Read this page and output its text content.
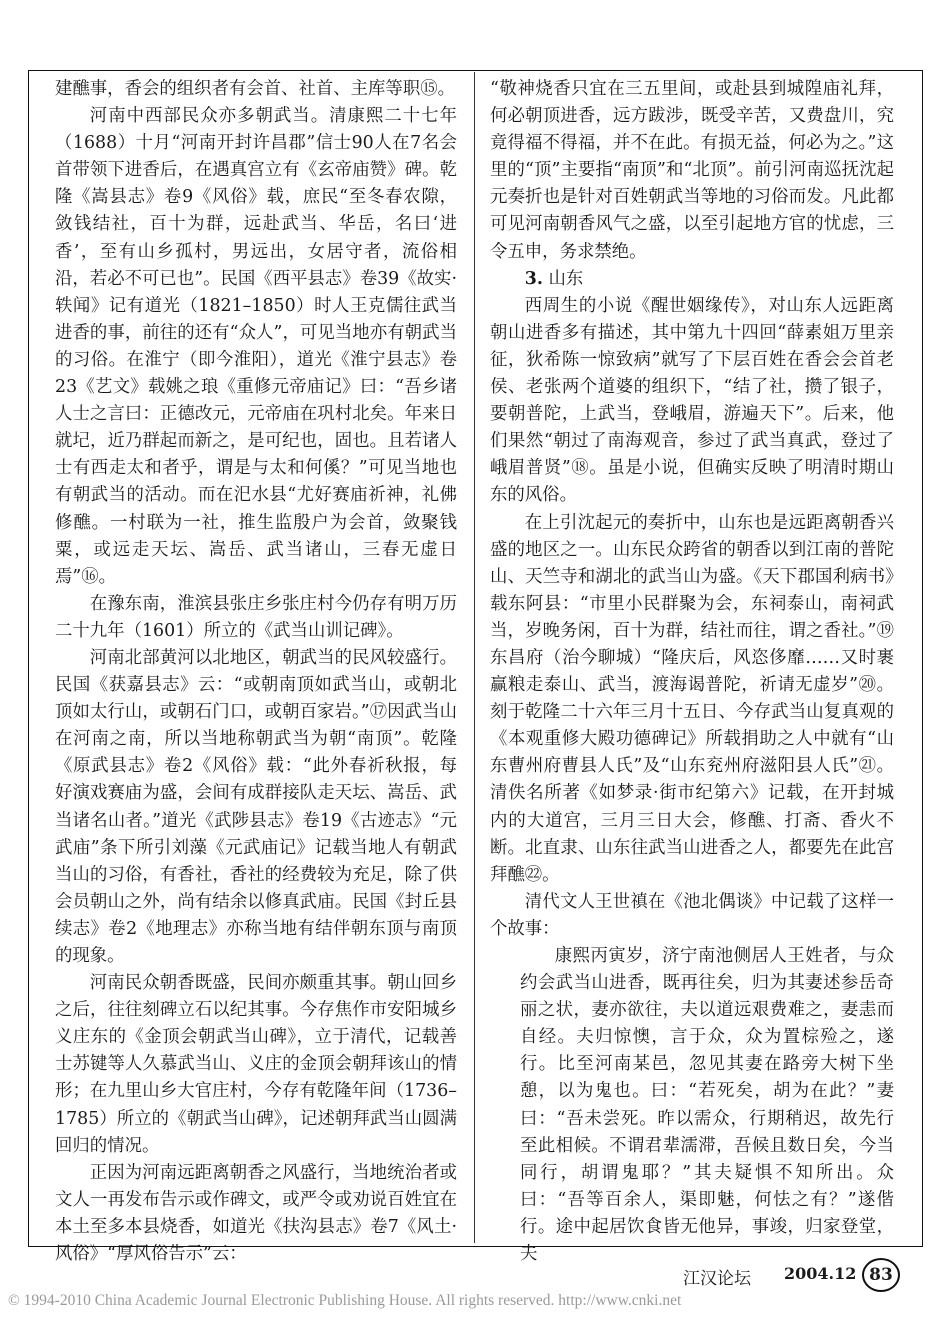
建醮事，香会的组织者有会首、社首、主库等职⑮。

河南中西部民众亦多朝武当。清康熙二十七年（1688）十月“河南开封许昌郡”信士90人在7名会首带领下进香后，在遇真宫立有《玄帝庙赞》碑。乾隆《嵩县志》卷9《风俗》载，庶民“至冬春农隙，敛钱结社，百十为群，远赴武当、华岳，名曰‘进香’，至有山乡孤村，男远出，女居守者，流俗相沿，若必不可已也”。民国《西平县志》卷39《故实·轶闻》记有道光（1821–1850）时人王克儒往武当进香的事，前往的还有“众人”，可见当地亦有朝武当的习俗。在淮宁（即今淮阳），道光《淮宁县志》卷23《艺文》载姚之琅《重修元帝庙记》曰：“吾乡诸人士之言曰：正德改元，元帝庙在巩村北矣。年来日就圮，近乃群起而新之，是可纪也，固也。且若诸人士有西走太和者乎，谓是与太和何傒？”可见当地也有朝武当的活动。而在汜水县“尤好赛庙祈神，礼佛修醮。一村联为一社，推生监殷户为会首，敛聚钱粟，或远走天坛、嵩岳、武当诸山，三春无虚日焉”⑯。

在豫东南，淮滨县张庄乡张庄村今仍存有明万历二十九年（1601）所立的《武当山训记碑》。

河南北部黄河以北地区，朝武当的民风较盛行。民国《获嘉县志》云：“或朝南顶如武当山，或朝北顶如太行山，或朝石门口，或朝百家岩。”⑰因武当山在河南之南，所以当地称朝武当为朝“南顶”。乾隆《原武县志》卷2《风俗》载：“此外春祈秋报，每好演戏赛庙为盛，会间有成群接队走天坛、嵩岳、武当诸名山者。”道光《武陟县志》卷19《古迹志》“元武庙”条下所引刘藻《元武庙记》记载当地人有朝武当山的习俗，有香社，香社的经费较为充足，除了供会员朝山之外，尚有结余以修真武庙。民国《封丘县续志》卷2《地理志》亦称当地有结伴朝东顶与南顶的现象。

河南民众朝香既盛，民间亦颇重其事。朝山回乡之后，往往刻碑立石以纪其事。今存焦作市安阳城乡义庄东的《金顶会朝武当山碑》，立于清代，记载善士苏键等人久慕武当山、义庄的金顶会朝拜该山的情形；在九里山乡大官庄村，今存有乾隆年间（1736–1785）所立的《朝武当山碑》，记述朝拜武当山圆满回归的情况。

正因为河南远距离朝香之风盛行，当地统治者或文人一再发布告示或作碑文，或严令或劝说百姓宜在本土至多本县烧香，如道光《扶沟县志》卷7《风土·风俗》“厚风俗告示”云：

“敬神烧香只宜在三五里间，或赴县到城隍庙礼拜，何必朝顶进香，远方跋涉，既受辛苦，又费盘川，究竟得福不得福，并不在此。有损无益，何必为之。”这里的“顶”主要指“南顶”和“北顶”。前引河南巡抚沈起元奏折也是针对百姓朝武当等地的习俗而发。凡此都可见河南朝香风气之盛，以至引起地方官的忧虑，三令五申，务求禁绝。

3. 山东

西周生的小说《醒世姻缘传》，对山东人远距离朝山进香多有描述，其中第九十四回“薛素姐万里亲征，狄希陈一惊致病”就写了下层百姓在香会会首老侯、老张两个道婆的组织下，“结了社，攒了银子，要朝普陀，上武当，登峨眉，游遍天下”。后来，他们果然“朝过了南海观音，参过了武当真武，登过了峨眉普贤”⑱。虽是小说，但确实反映了明清时期山东的风俗。

在上引沈起元的奏折中，山东也是远距离朝香兴盛的地区之一。山东民众跨省的朝香以到江南的普陀山、天竺寺和湖北的武当山为盛。《天下郡国利病书》载东阿县：“市里小民群聚为会，东祠泰山，南祠武当，岁晚务闲，百十为群，结社而往，谓之香社。”⑲东昌府（治今聊城）“隆庆后，风恣侈靡……又时裹赢粮走泰山、武当，渡海谒普陀，祈请无虚岁”⑳。刻于乾隆二十六年三月十五日、今存武当山复真观的《本观重修大殿功德碑记》所载捐助之人中就有“山东曹州府曹县人氏”及“山东兖州府滋阳县人氏”㉑。清佚名所著《如梦录·街市纪第六》记载，在开封城内的大道宫，三月三日大会，修醮、打斋、香火不断。北直隶、山东往武当山进香之人，都要先在此宫拜醮㉒。

清代文人王世禛在《池北偶谈》中记载了这样一个故事：

康熙丙寅岁，济宁南池侧居人王姓者，与众约会武当山进香，既再往矣，归为其妻述参岳奇丽之状，妻亦欲往，夫以道远艰费难之，妻恚而自经。夫归惊懊，言于众，众为置棕殓之，遂行。比至河南某邑，忽见其妻在路旁大树下坐憩，以为鬼也。曰：“若死矣，胡为在此？”妻曰：“吾未尝死。昨以需众，行期稍迟，故先行至此相候。不谓君辈濡滞，吾候且数日矣，今当同行，胡谓鬼耶？”其夫疑惧不知所出。众曰：“吾等百余人，渠即魅，何怯之有？”遂偕行。途中起居饮食皆无他异，事竣，归家登堂，夫

江汉论坛 2004.12 83
© 1994-2010 China Academic Journal Electronic Publishing House. All rights reserved. http://www.cnki.net
